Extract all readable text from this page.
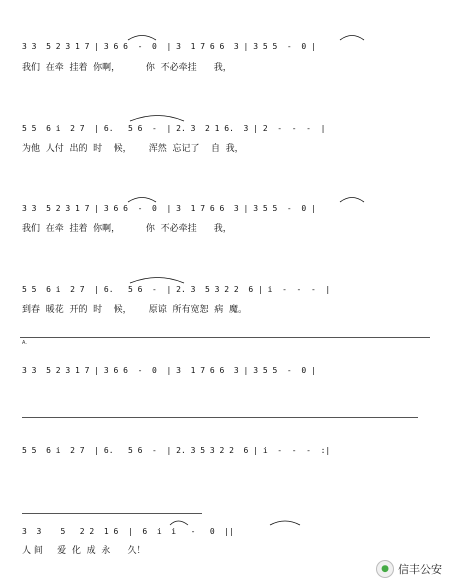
3 3  5 2 3 1 7 | 3 6 6  -  0  | 3  1 7 6 6  3 | 3 5 5  -  0 |
我们  在牵  挂着  你啊，         你  不必牵挂      我，
5 5  6 i  2 7  | 6.   5 6  -  | 2. 3  2 1 6.  3 | 2  -  -  -  |
为他  人付  出的  时    候，      浑然  忘记了    自  我，
3 3  5 2 3 1 7 | 3 6 6  -  0  | 3  1 7 6 6  3 | 3 5 5  -  0 |
我们  在牵  挂着  你啊，         你  不必牵挂      我，
5 5  6 i  2 7  | 6.   5 6  -  | 2. 3  5 3 2 2  6 | i  -  -  -  |
到春  暖花  开的  时    候，      原谅  所有宽恕  病  魔。
A.
3 3  5 2 3 1 7 | 3 6 6  -  0  | 3  1 7 6 6  3 | 3 5 5  -  0 |
5 5  6 i  2 7  | 6.   5 6  -  | 2. 3 5 3 2 2  6 | i  -  -  -  :|
3  3    5   2 2  1 6  |  6  i  i   -   0  ||
人 间     爱  化  成  永      久！
● 信丰公安
